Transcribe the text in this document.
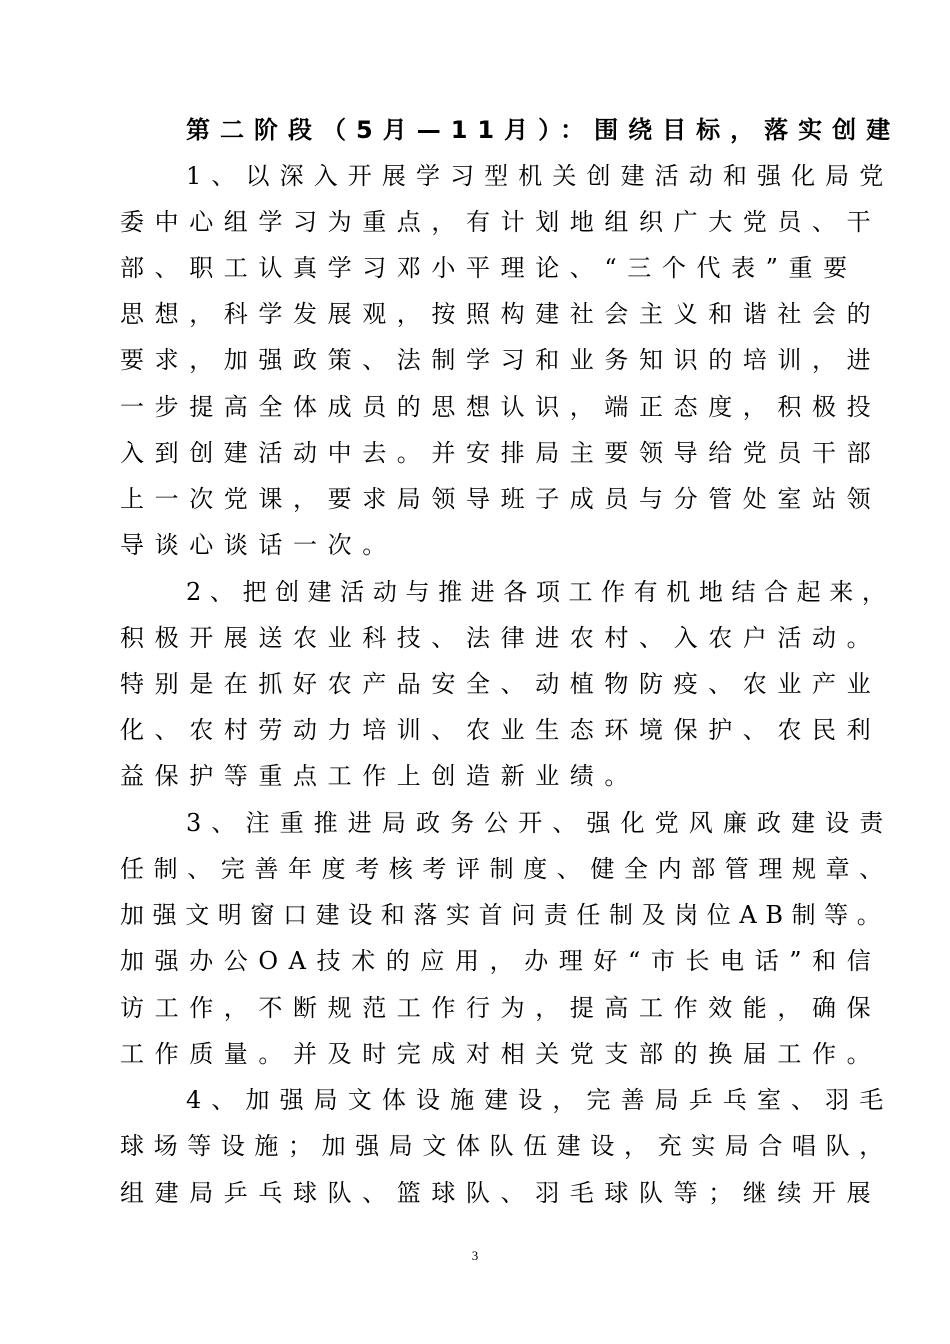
第二阶段（5月—11月）：围绕目标，落实创建
1、以深入开展学习型机关创建活动和强化局党
委中心组学习为重点，有计划地组织广大党员、干
部、职工认真学习邓小平理论、“三个代表”重要
思想，科学发展观，按照构建社会主义和谐社会的
要求，加强政策、法制学习和业务知识的培训，进
一步提高全体成员的思想认识，端正态度，积极投
入到创建活动中去。并安排局主要领导给党员干部
上一次党课，要求局领导班子成员与分管处室站领
导谈心谈话一次。
2、把创建活动与推进各项工作有机地结合起来，
积极开展送农业科技、法律进农村、入农户活动。
特别是在抓好农产品安全、动植物防疫、农业产业
化、农村劳动力培训、农业生态环境保护、农民利
益保护等重点工作上创造新业绩。
3、注重推进局政务公开、强化党风廉政建设责
任制、完善年度考核考评制度、健全内部管理规章、
加强文明窗口建设和落实首问责任制及岗位AB制等。
加强办公OA技术的应用，办理好“市长电话”和信
访工作，不断规范工作行为，提高工作效能，确保
工作质量。并及时完成对相关党支部的换届工作。
4、加强局文体设施建设，完善局乒乓室、羽毛
球场等设施；加强局文体队伍建设，充实局合唱队，
组建局乒乓球队、篮球队、羽毛球队等；继续开展
3
